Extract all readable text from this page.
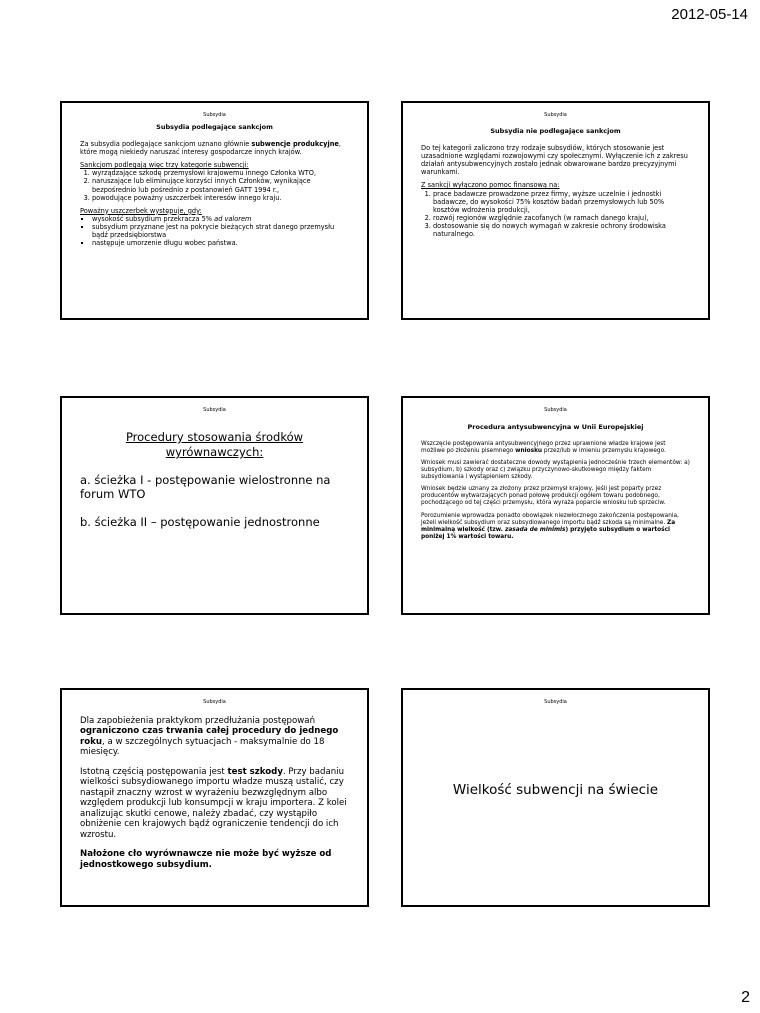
2012-05-14
Subsydia
Subsydia podlegające sankcjom

Za subsydia podlegające sankcjom uznano głównie subwencje produkcyjne, które mogą niekiedy naruszać interesy gospodarcze innych krajów.

Sankcjom podlegają więc trzy kategorie subwencji:
1. wyrządzające szkodę przemysłowi krajowemu innego Członka WTO,
2. naruszające lub eliminujące korzyści innych Członków, wynikające bezpośrednio lub pośrednio z postanowień GATT 1994 r.,
3. powodujące poważny uszczerbek interesów innego kraju.
Poważny uszczerbek występuje, gdy:
▪ wysokość subsydium przekracza 5% ad valorem
▪ subsydium przyznane jest na pokrycie bieżących strat danego przemysłu bądź przedsiębiorstwa
▪ następuje umorzenie długu wobec państwa.
Subsydia
Subsydia nie podlegające sankcjom

Do tej kategorii zaliczono trzy rodzaje subsydiów, których stosowanie jest uzasadnione względami rozwojowymi czy społecznymi. Wyłączenie ich z zakresu działań antysubwencyjnych zostało jednak obwarowane bardzo precyzyjnymi warunkami.

Z sankcji wyłączono pomoc finansową na:
1. prace badawcze prowadzone przez firmy, wyższe uczelnie i jednostki badawcze, do wysokości 75% kosztów badań przemysłowych lub 50% kosztów wdrożenia produkcji,
2. rozwój regionów względnie zacofanych (w ramach danego kraju),
3. dostosowanie się do nowych wymagań w zakresie ochrony środowiska naturalnego.
Subsydia
Procedury stosowania środków wyrównawczych:
a. ścieżka I - postępowanie wielostronne na forum WTO
b. ścieżka II – postępowanie jednostronne
Subsydia
Procedura antysubwencyjna w Unii Europejskiej

Wszczęcie postępowania antysubwencyjnego przez uprawnione władze krajowe jest możliwe po złożeniu pisemnego wniosku przez/lub w imieniu przemysłu krajowego.

Wniosek musi zawierać dostateczne dowody wystąpienia jednocześnie trzech elementów: a) subsydium, b) szkody oraz c) związku przyczynowo-skutkowego między faktem subsydiowania i wystąpieniem szkody.

Wniosek będzie uznany za złożony przez przemysł krajowy, jeśli jest poparty przez producentów wytwarzających ponad połowę produkcji ogółem towaru podobnego, pochodzącego od tej części przemysłu, która wyraża poparcie wniosku lub sprzeciw.

Porozumienie wprowadza ponadto obowiązek niezwłocznego zakończenia postępowania, jeżeli wielkość subsydium oraz subsydiowanego importu bądź szkoda są minimalne. Za minimalną wielkość (tzw. zasada de minimis) przyjęto subsydium o wartości poniżej 1% wartości towaru.

Subsydia

Dla zapobieżenia praktykom przedłużania postępowań ograniczono czas trwania całej procedury do jednego roku, a w szczególnych sytuacjach - maksymalnie do 18 miesięcy.

Istotną częścią postępowania jest test szkody. Przy badaniu wielkości subsydiowanego importu władze muszą ustalić, czy nastąpił znaczny wzrost w wyrażeniu bezwzględnym albo względem produkcji lub konsumpcji w kraju importera. Z kolei analizując skutki cenowe, należy zbadać, czy wystąpiło obniżenie cen krajowych bądź ograniczenie tendencji do ich wzrostu.

Nałożone cło wyrównawcze nie może być wyższe od jednostkowego subsydium.

Subsydia
Wielkość subwencji na świecie
2
